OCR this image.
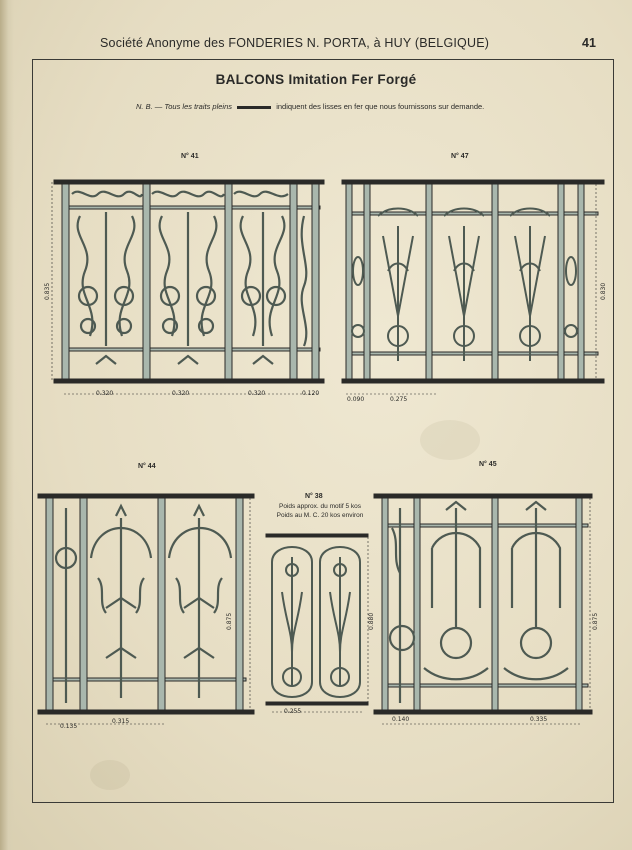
Société Anonyme des FONDERIES N. PORTA, à HUY (BELGIQUE)	41
BALCONS Imitation Fer Forgé
N. B. — Tous les traits pleins	indiquent des lisses en fer que nous fournissons sur demande.
N° 41
0.320	0.320	0.320	0.120
0.835
N° 47
0.090	0.275
0.830
N° 44
0.135
0.315
0.875
N° 38
Poids approx. du motif 5 kos
Poids au M. C. 20 kos environ
0.255
0.880
N° 45
0.140	0.335
0.875
